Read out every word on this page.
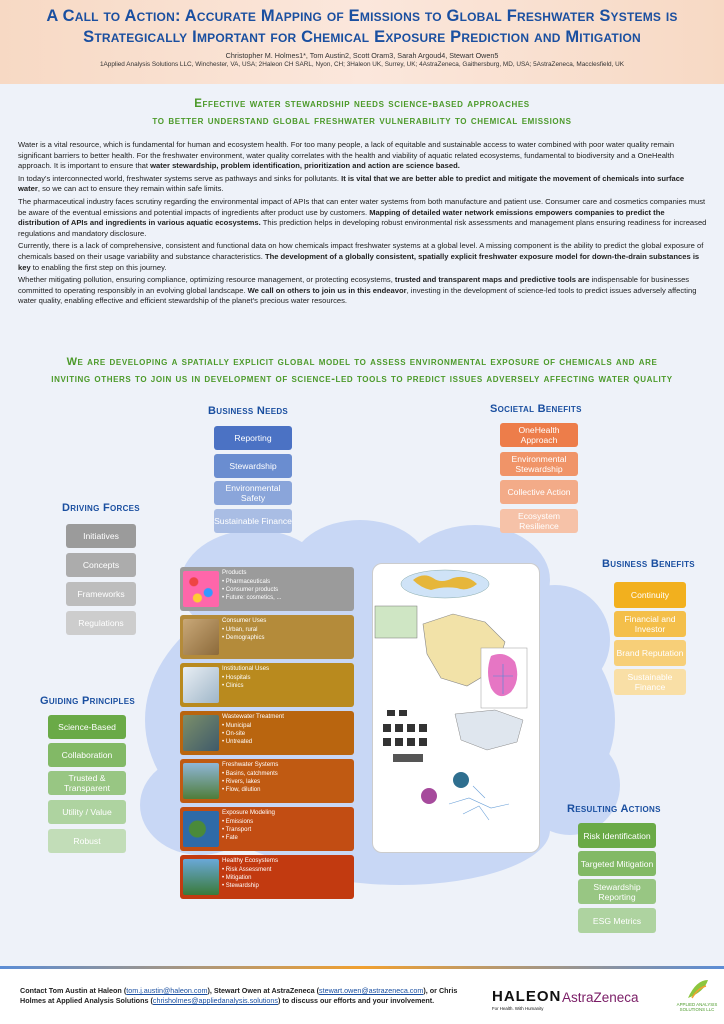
A Call to Action: Accurate Mapping of Emissions to Global Freshwater Systems is
Strategically Important for Chemical Exposure Prediction and Mitigation
Christopher M. Holmes1*, Tom Austin2, Scott Oram3, Sarah Argoud4, Stewart Owen5
1Applied Analysis Solutions LLC, Winchester, VA, USA; 2Haleon CH SARL, Nyon, CH; 3Haleon UK, Surrey, UK; 4AstraZeneca, Gaithersburg, MD, USA; 5AstraZeneca, Macclesfield, UK
Effective water stewardship needs science-based approaches
to better understand global freshwater vulnerability to chemical emissions

Water is a vital resource, which is fundamental for human and ecosystem health. For too many people, a lack of equitable and sustainable access to water combined with poor water quality remain significant barriers to better health. For the freshwater environment, water quality correlates with the health and viability of aquatic related ecosystems, fundamental to biodiversity and a OneHealth approach. It is important to ensure that water stewardship, problem identification, prioritization and action are science based.

In today's interconnected world, freshwater systems serve as pathways and sinks for pollutants. It is vital that we are better able to predict and mitigate the movement of chemicals into surface water, so we can act to ensure they remain within safe limits.

The pharmaceutical industry faces scrutiny regarding the environmental impact of APIs that can enter water systems from both manufacture and patient use. Consumer care and cosmetics companies must be aware of the eventual emissions and potential impacts of ingredients after product use by customers. Mapping of detailed water network emissions empowers companies to predict the distribution of APIs and ingredients in various aquatic ecosystems. This prediction helps in developing robust environmental risk assessments and management plans ensuring readiness for increased regulations and mandatory disclosure.

Currently, there is a lack of comprehensive, consistent and functional data on how chemicals impact freshwater systems at a global level. A missing component is the ability to predict the global exposure of chemicals based on their usage variability and substance characteristics. The development of a globally consistent, spatially explicit freshwater exposure model for down-the-drain substances is key to enabling the first step on this journey.

Whether mitigating pollution, ensuring compliance, optimizing resource management, or protecting ecosystems, trusted and transparent maps and predictive tools are indispensable for businesses committed to operating responsibly in an evolving global landscape. We call on others to join us in this endeavor, investing in the development of science-led tools to predict issues adversely affecting water quality, enabling effective and efficient stewardship of the planet's precious water resources.

We are developing a spatially explicit global model to assess environmental exposure of chemicals and are
inviting others to join us in development of science-led tools to predict issues adversely affecting water quality
Business Needs
Reporting
Stewardship
Environmental Safety
Sustainable Finance
Societal Benefits
OneHealth Approach
Environmental Stewardship
Collective Action
Ecosystem Resilience
Driving Forces
Initiatives
Concepts
Frameworks
Regulations
Business Benefits
Continuity
Financial and Investor
Brand Reputation
Sustainable Finance
Guiding Principles
Science-Based
Collaboration
Trusted & Transparent
Utility / Value
Robust
Resulting Actions
Risk Identification
Targeted Mitigation
Stewardship Reporting
ESG Metrics
Products
• Pharmaceuticals
• Consumer products
• Future: cosmetics, ...
Consumer Uses
• Urban, rural
• Demographics
Institutional Uses
• Hospitals
• Clinics
Wastewater Treatment
• Municipal
• On-site
• Untreated
Freshwater Systems
• Basins, catchments
• Rivers, lakes
• Flow, dilution
Exposure Modeling
• Emissions
• Transport
• Fate
Healthy Ecosystems
• Risk Assessment
• Mitigation
• Stewardship
Contact Tom Austin at Haleon (tom.j.austin@haleon.com), Stewart Owen at AstraZeneca (stewart.owen@astrazeneca.com), or Chris Holmes at Applied Analysis Solutions (chrisholmes@appliedanalysis.solutions) to discuss our efforts and your involvement.	HALEON
For Health. With Humanity
AstraZeneca	APPLIED ANALYSIS SOLUTIONS LLC
